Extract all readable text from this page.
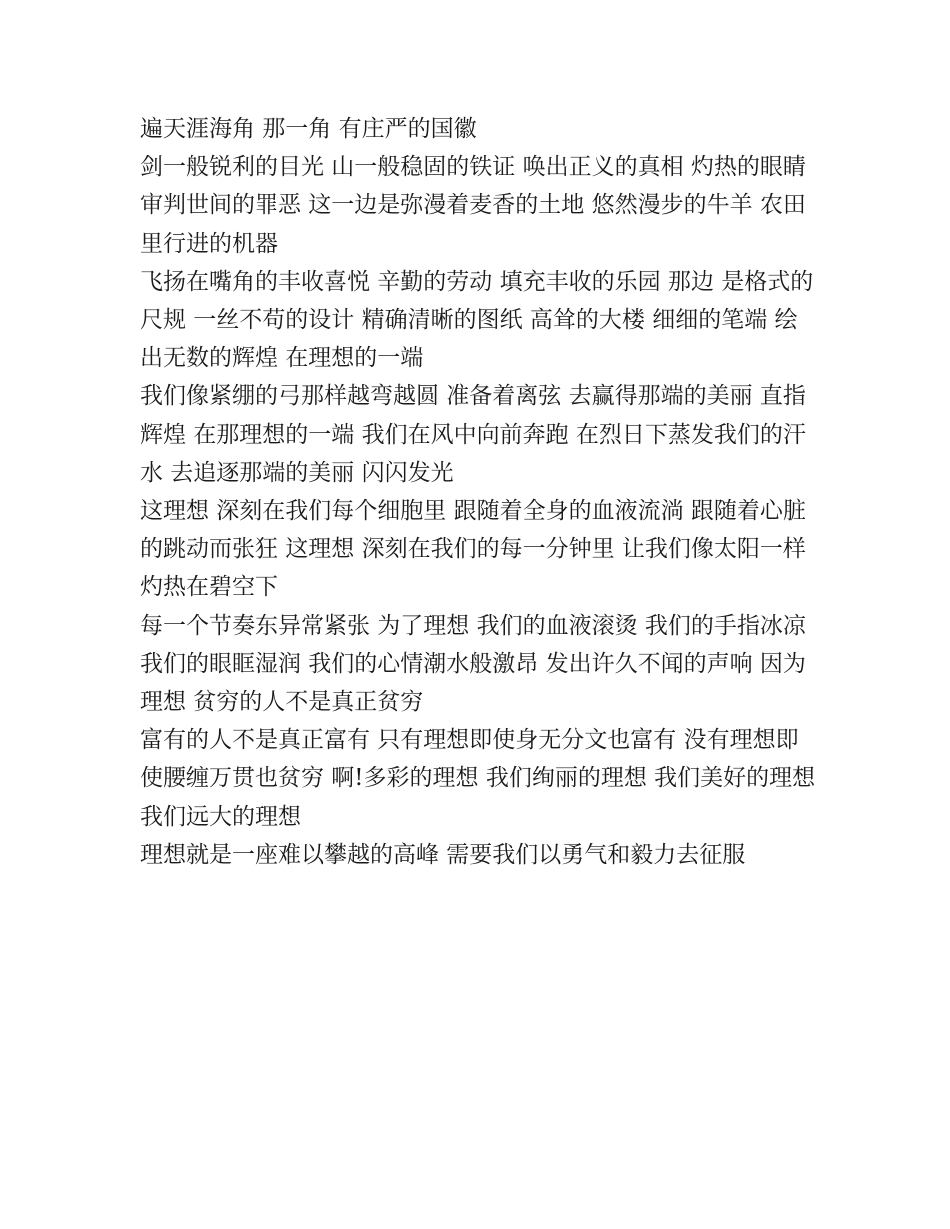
遍天涯海角 那一角 有庄严的国徽

剑一般锐利的目光 山一般稳固的铁证 唤出正义的真相 灼热的眼睛 审判世间的罪恶 这一边是弥漫着麦香的土地 悠然漫步的牛羊 农田里行进的机器

飞扬在嘴角的丰收喜悦 辛勤的劳动 填充丰收的乐园 那边 是格式的尺规 一丝不苟的设计 精确清晰的图纸 高耸的大楼 细细的笔端 绘出无数的辉煌 在理想的一端

我们像紧绷的弓那样越弯越圆 准备着离弦 去赢得那端的美丽 直指辉煌 在那理想的一端 我们在风中向前奔跑 在烈日下蒸发我们的汗水 去追逐那端的美丽 闪闪发光

这理想 深刻在我们每个细胞里 跟随着全身的血液流淌 跟随着心脏的跳动而张狂 这理想 深刻在我们的每一分钟里 让我们像太阳一样灼热在碧空下

每一个节奏东异常紧张 为了理想 我们的血液滚烫 我们的手指冰凉 我们的眼眶湿润 我们的心情潮水般激昂 发出许久不闻的声响 因为理想 贫穷的人不是真正贫穷

富有的人不是真正富有 只有理想即使身无分文也富有 没有理想即使腰缠万贯也贫穷 啊!多彩的理想 我们绚丽的理想 我们美好的理想 我们远大的理想

理想就是一座难以攀越的高峰 需要我们以勇气和毅力去征服
